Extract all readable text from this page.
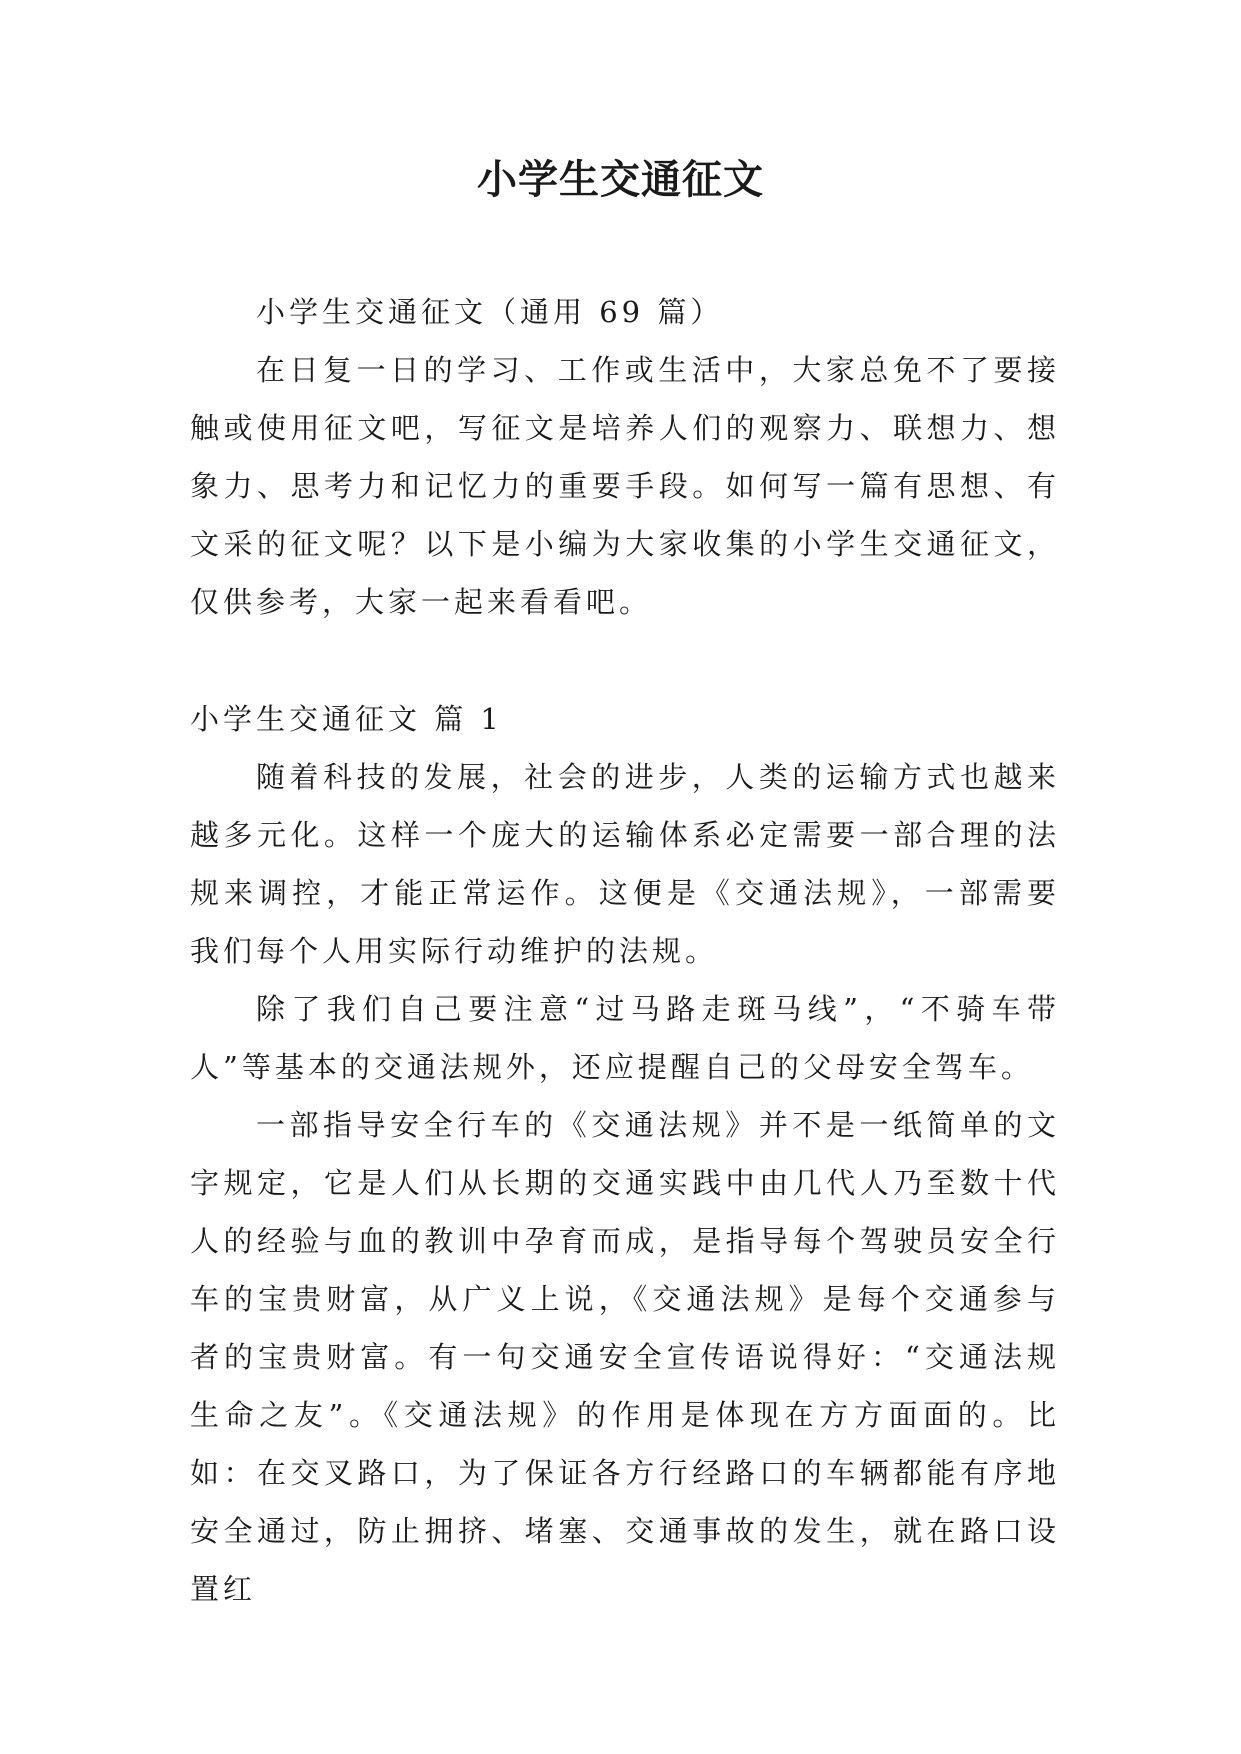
小学生交通征文

小学生交通征文（通用 69 篇）

在日复一日的学习、工作或生活中，大家总免不了要接触或使用征文吧，写征文是培养人们的观察力、联想力、想象力、思考力和记忆力的重要手段。如何写一篇有思想、有文采的征文呢？以下是小编为大家收集的小学生交通征文，仅供参考，大家一起来看看吧。

小学生交通征文 篇 1

随着科技的发展，社会的进步，人类的运输方式也越来越多元化。这样一个庞大的运输体系必定需要一部合理的法规来调控，才能正常运作。这便是《交通法规》，一部需要我们每个人用实际行动维护的法规。

除了我们自己要注意“过马路走斑马线”，“不骑车带人”等基本的交通法规外，还应提醒自己的父母安全驾车。

一部指导安全行车的《交通法规》并不是一纸简单的文字规定，它是人们从长期的交通实践中由几代人乃至数十代人的经验与血的教训中孕育而成，是指导每个驾驶员安全行车的宝贵财富，从广义上说，《交通法规》是每个交通参与者的宝贵财富。有一句交通安全宣传语说得好：“交通法规生命之友”。《交通法规》的作用是体现在方方面面的。比如：在交叉路口，为了保证各方行经路口的车辆都能有序地安全通过，防止拥挤、堵塞、交通事故的发生，就在路口设置红
